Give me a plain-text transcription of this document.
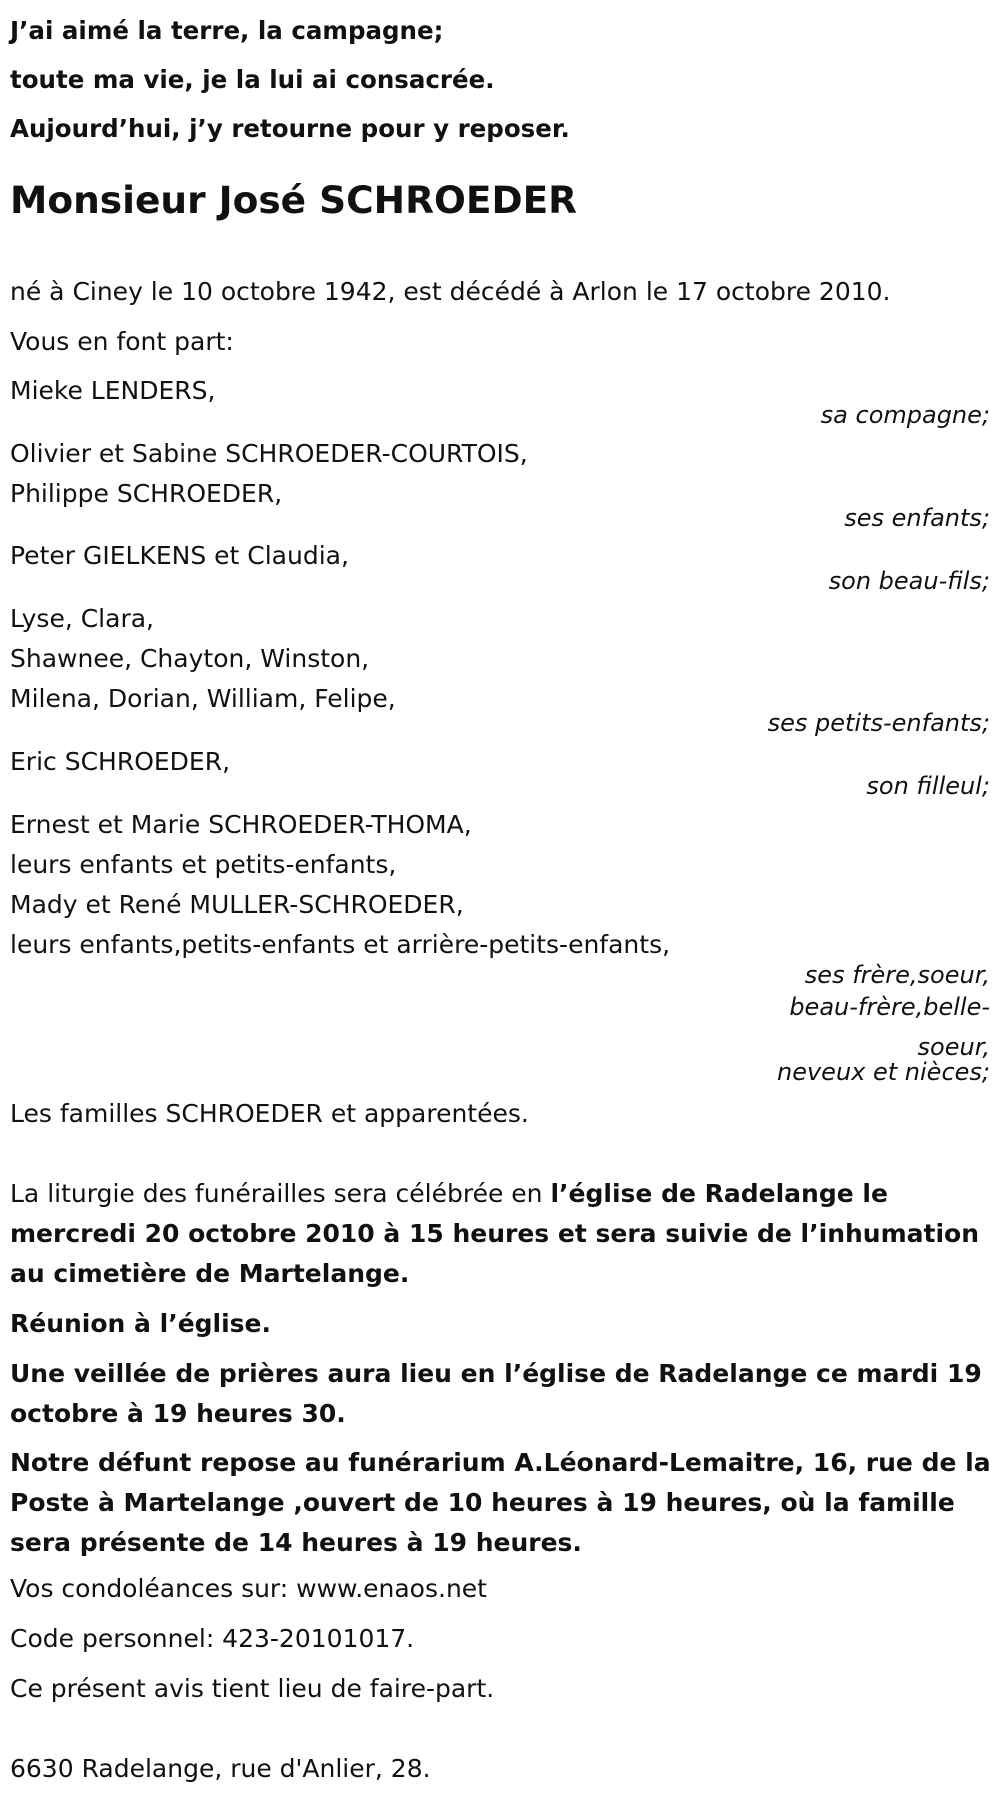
J’ai aimé la terre, la campagne;
toute ma vie, je la lui ai consacrée.
Aujourd’hui, j’y retourne pour y reposer.
Monsieur José SCHROEDER

né à Ciney le 10 octobre 1942, est décédé à Arlon le 17 octobre 2010.

Vous en font part:

Mieke LENDERS,

sa compagne;

Olivier et Sabine SCHROEDER-COURTOIS,

Philippe SCHROEDER,

ses enfants;

Peter GIELKENS et Claudia,

son beau-fils;

Lyse, Clara,

Shawnee, Chayton, Winston,

Milena, Dorian, William, Felipe,

ses petits-enfants;

Eric SCHROEDER,

son filleul;

Ernest et Marie SCHROEDER-THOMA,

leurs enfants et petits-enfants,

Mady et René MULLER-SCHROEDER,

leurs enfants,petits-enfants et arrière-petits-enfants,

ses frère,soeur,
beau-frère,belle-
soeur,
neveux et nièces;

Les familles SCHROEDER et apparentées.

La liturgie des funérailles sera célébrée en l’église de Radelange le mercredi 20 octobre 2010 à 15 heures et sera suivie de l’inhumation au cimetière de Martelange.

Réunion à l’église.

Une veillée de prières aura lieu en l’église de Radelange ce mardi 19 octobre à 19 heures 30.

Notre défunt repose au funérarium A.Léonard-Lemaitre, 16, rue de la Poste à Martelange ,ouvert de 10 heures à 19 heures, où la famille sera présente de 14 heures à 19 heures.

Vos condoléances sur: www.enaos.net

Code personnel: 423-20101017.

Ce présent avis tient lieu de faire-part.

6630 Radelange, rue d'Anlier, 28.
